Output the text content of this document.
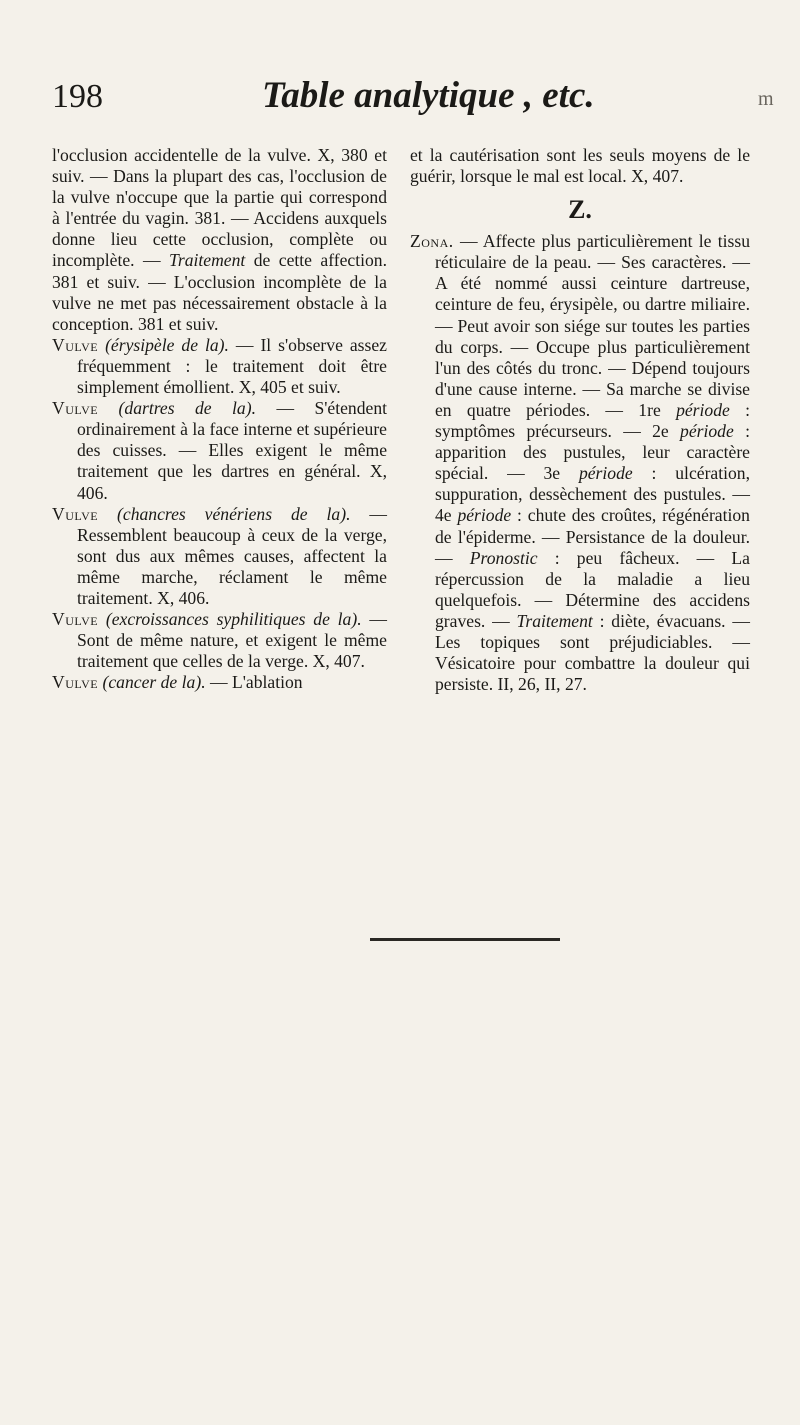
198	Table analytique , etc.	m

l'occlusion accidentelle de la vulve. X, 380 et suiv. — Dans la plupart des cas, l'occlusion de la vulve n'occupe que la partie qui correspond à l'entrée du vagin. 381. — Accidens auxquels donne lieu cette occlusion, complète ou incomplète. — Traitement de cette affection. 381 et suiv. — L'occlusion incomplète de la vulve ne met pas nécessairement obstacle à la conception. 381 et suiv.

Vulve (érysipèle de la). — Il s'observe assez fréquemment : le traitement doit être simplement émollient. X, 405 et suiv.

Vulve (dartres de la). — S'étendent ordinairement à la face interne et supérieure des cuisses. — Elles exigent le même traitement que les dartres en général. X, 406.

Vulve (chancres vénériens de la). — Ressemblent beaucoup à ceux de la verge, sont dus aux mêmes causes, affectent la même marche, réclament le même traitement. X, 406.

Vulve (excroissances syphilitiques de la). — Sont de même nature, et exigent le même traitement que celles de la verge. X, 407.

Vulve (cancer de la). — L'ablation

et la cautérisation sont les seuls moyens de le guérir, lorsque le mal est local. X, 407.

Z.

Zona. — Affecte plus particulièrement le tissu réticulaire de la peau. — Ses caractères. — A été nommé aussi ceinture dartreuse, ceinture de feu, érysipèle, ou dartre miliaire. — Peut avoir son siége sur toutes les parties du corps. — Occupe plus particulièrement l'un des côtés du tronc. — Dépend toujours d'une cause interne. — Sa marche se divise en quatre périodes. — 1re période : symptômes précurseurs. — 2e période : apparition des pustules, leur caractère spécial. — 3e période : ulcération, suppuration, dessèchement des pustules. — 4e période : chute des croûtes, régénération de l'épiderme. — Persistance de la douleur. — Pronostic : peu fâcheux. — La répercussion de la maladie a lieu quelquefois. — Détermine des accidens graves. — Traitement : diète, évacuans. — Les topiques sont préjudiciables. — Vésicatoire pour combattre la douleur qui persiste. II, 26, II, 27.
